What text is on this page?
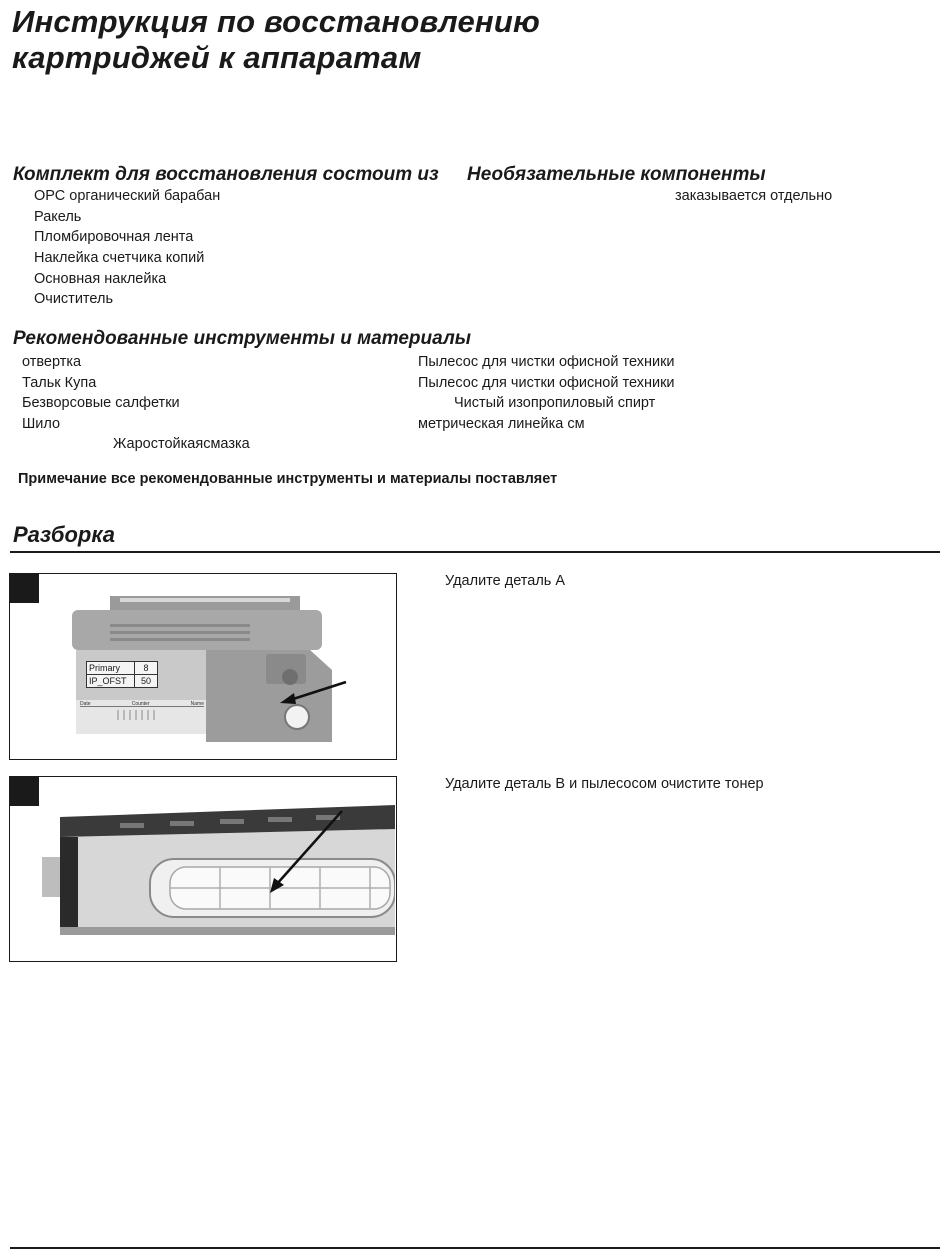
Инструкция по восстановлению
картриджей к аппаратам
Комплект для восстановления состоит из
ОРС органический барабан
Ракель
Пломбировочная лента
Наклейка счетчика копий
Основная наклейка
Очиститель
Необязательные компоненты
заказывается отдельно
Рекомендованные инструменты и материалы
отвертка
Тальк Купа
Безворсовые салфетки
Шило
Жаростойкаясмазка
Пылесос для чистки офисной техники
Пылесос для чистки офисной техники
Чистый изопропиловый спирт
метрическая линейка см
Примечание все рекомендованные инструменты и материалы поставляет
Разборка
Primary	8
IP_OFST	50
Date	Counter	Name
Удалите деталь А
Удалите деталь В и пылесосом очистите тонер
